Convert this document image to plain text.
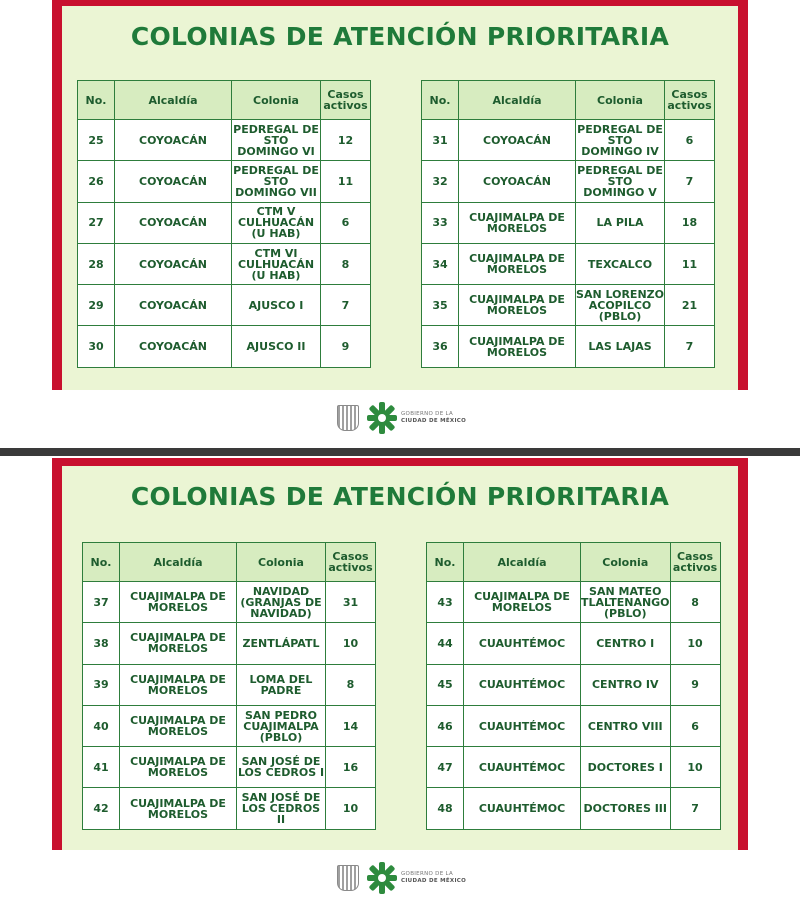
COLONIAS DE ATENCIÓN PRIORITARIA
No.	Alcaldía	Colonia	Casos activos
25	COYOACÁN	PEDREGAL DE STO DOMINGO VI	12
26	COYOACÁN	PEDREGAL DE STO DOMINGO VII	11
27	COYOACÁN	CTM V CULHUACÁN (U HAB)	6
28	COYOACÁN	CTM VI CULHUACÁN (U HAB)	8
29	COYOACÁN	AJUSCO I	7
30	COYOACÁN	AJUSCO II	9
No.	Alcaldía	Colonia	Casos activos
31	COYOACÁN	PEDREGAL DE STO DOMINGO IV	6
32	COYOACÁN	PEDREGAL DE STO DOMINGO V	7
33	CUAJIMALPA DE MORELOS	LA PILA	18
34	CUAJIMALPA DE MORELOS	TEXCALCO	11
35	CUAJIMALPA DE MORELOS	SAN LORENZO ACOPILCO (PBLO)	21
36	CUAJIMALPA DE MORELOS	LAS LAJAS	7
GOBIERNO DE LA
CIUDAD DE MÉXICO
COLONIAS DE ATENCIÓN PRIORITARIA
No.	Alcaldía	Colonia	Casos activos
37	CUAJIMALPA DE MORELOS	NAVIDAD (GRANJAS DE NAVIDAD)	31
38	CUAJIMALPA DE MORELOS	ZENTLÁPATL	10
39	CUAJIMALPA DE MORELOS	LOMA DEL PADRE	8
40	CUAJIMALPA DE MORELOS	SAN PEDRO CUAJIMALPA (PBLO)	14
41	CUAJIMALPA DE MORELOS	SAN JOSÉ DE LOS CEDROS I	16
42	CUAJIMALPA DE MORELOS	SAN JOSÉ DE LOS CEDROS II	10
No.	Alcaldía	Colonia	Casos activos
43	CUAJIMALPA DE MORELOS	SAN MATEO TLALTENANGO (PBLO)	8
44	CUAUHTÉMOC	CENTRO I	10
45	CUAUHTÉMOC	CENTRO IV	9
46	CUAUHTÉMOC	CENTRO VIII	6
47	CUAUHTÉMOC	DOCTORES I	10
48	CUAUHTÉMOC	DOCTORES III	7
GOBIERNO DE LA
CIUDAD DE MÉXICO
